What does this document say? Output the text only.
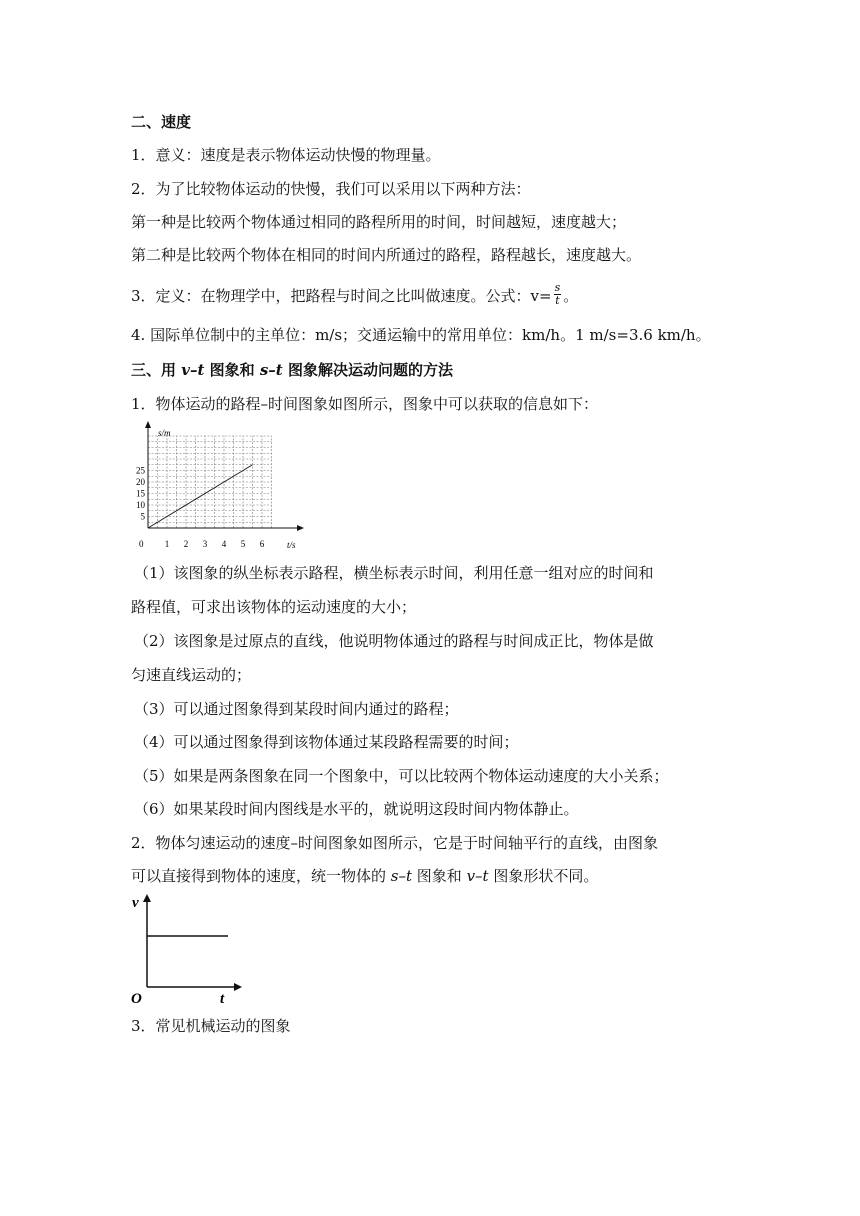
二、速度
1．意义：速度是表示物体运动快慢的物理量。
2．为了比较物体运动的快慢，我们可以采用以下两种方法：
第一种是比较两个物体通过相同的路程所用的时间，时间越短，速度越大；
第二种是比较两个物体在相同的时间内所通过的路程，路程越长，速度越大。
3．定义：在物理学中，把路程与时间之比叫做速度。公式：$v= \frac{s}{t}$ 。
4. 国际单位制中的主单位：m/s；交通运输中的常用单位：km/h。1 m/s=3.6 km/h。
三、用 v–t 图象和 s–t 图象解决运动问题的方法
1．物体运动的路程–时间图象如图所示，图象中可以获取的信息如下：
s/m
t/s
0 1 2 3 4 5 6
5
10
15
20
25
（1）该图象的纵坐标表示路程，横坐标表示时间，利用任意一组对应的时间和
路程值，可求出该物体的运动速度的大小；
（2）该图象是过原点的直线，他说明物体通过的路程与时间成正比，物体是做
匀速直线运动的；
（3）可以通过图象得到某段时间内通过的路程；
（4）可以通过图象得到该物体通过某段路程需要的时间；
（5）如果是两条图象在同一个图象中，可以比较两个物体运动速度的大小关系；
（6）如果某段时间内图线是水平的，就说明这段时间内物体静止。
2．物体匀速运动的速度–时间图象如图所示，它是于时间轴平行的直线，由图象
可以直接得到物体的速度，统一物体的 s–t 图象和 v–t 图象形状不同。
v
t
O
3．常见机械运动的图象
